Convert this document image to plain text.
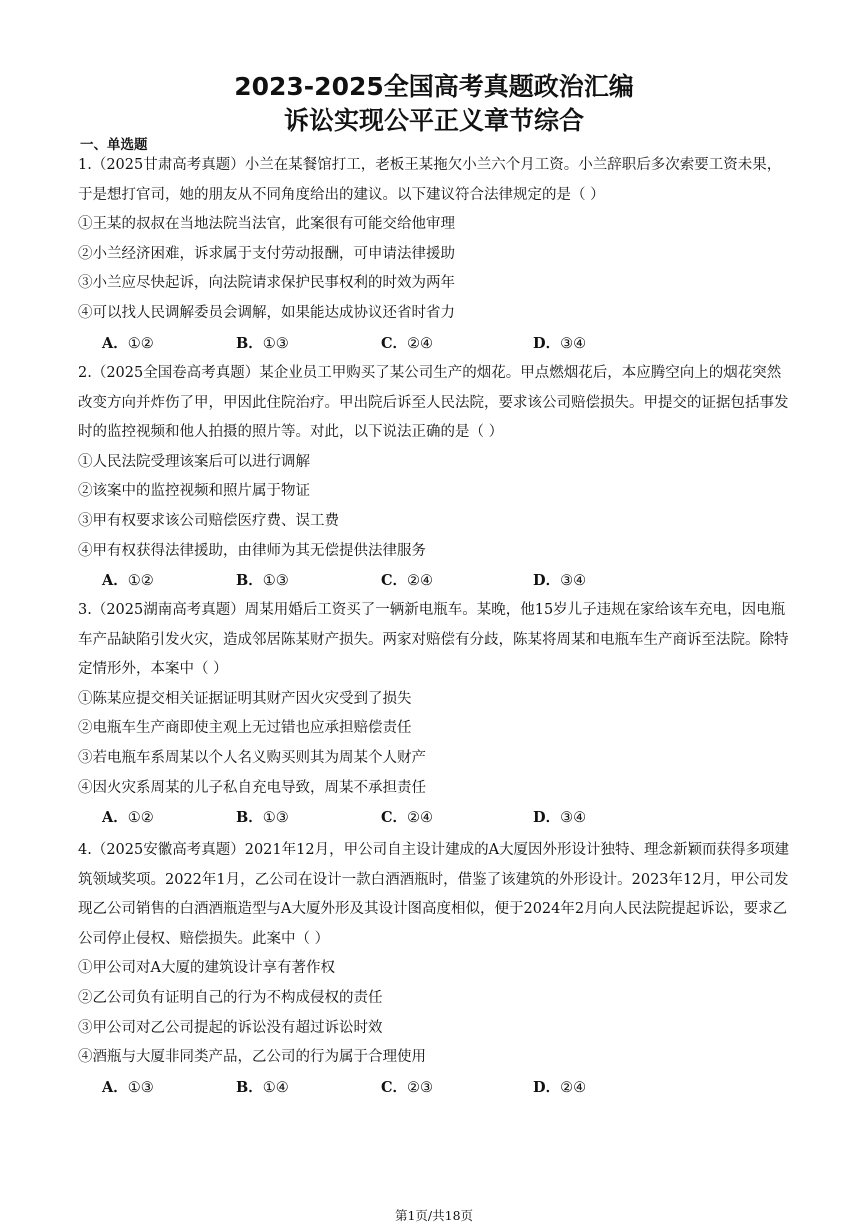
2023-2025全国高考真题政治汇编
诉讼实现公平正义章节综合
一、单选题

1.（2025甘肃高考真题）小兰在某餐馆打工，老板王某拖欠小兰六个月工资。小兰辞职后多次索要工资未果，于是想打官司，她的朋友从不同角度给出的建议。以下建议符合法律规定的是（ ）

①王某的叔叔在当地法院当法官，此案很有可能交给他审理

②小兰经济困难，诉求属于支付劳动报酬，可申请法律援助

③小兰应尽快起诉，向法院请求保护民事权利的时效为两年

④可以找人民调解委员会调解，如果能达成协议还省时省力

A．①②	B．①③	C．②④	D．③④

2.（2025全国卷高考真题）某企业员工甲购买了某公司生产的烟花。甲点燃烟花后，本应腾空向上的烟花突然改变方向并炸伤了甲，甲因此住院治疗。甲出院后诉至人民法院，要求该公司赔偿损失。甲提交的证据包括事发时的监控视频和他人拍摄的照片等。对此，以下说法正确的是（ ）

①人民法院受理该案后可以进行调解

②该案中的监控视频和照片属于物证

③甲有权要求该公司赔偿医疗费、误工费

④甲有权获得法律援助，由律师为其无偿提供法律服务

A．①②	B．①③	C．②④	D．③④

3.（2025湖南高考真题）周某用婚后工资买了一辆新电瓶车。某晚，他15岁儿子违规在家给该车充电，因电瓶车产品缺陷引发火灾，造成邻居陈某财产损失。两家对赔偿有分歧，陈某将周某和电瓶车生产商诉至法院。除特定情形外，本案中（ ）

①陈某应提交相关证据证明其财产因火灾受到了损失

②电瓶车生产商即使主观上无过错也应承担赔偿责任

③若电瓶车系周某以个人名义购买则其为周某个人财产

④因火灾系周某的儿子私自充电导致，周某不承担责任

A．①②	B．①③	C．②④	D．③④

4.（2025安徽高考真题）2021年12月，甲公司自主设计建成的A大厦因外形设计独特、理念新颖而获得多项建筑领域奖项。2022年1月，乙公司在设计一款白酒酒瓶时，借鉴了该建筑的外形设计。2023年12月，甲公司发现乙公司销售的白酒酒瓶造型与A大厦外形及其设计图高度相似，便于2024年2月向人民法院提起诉讼，要求乙公司停止侵权、赔偿损失。此案中（ ）

①甲公司对A大厦的建筑设计享有著作权

②乙公司负有证明自己的行为不构成侵权的责任

③甲公司对乙公司提起的诉讼没有超过诉讼时效

④酒瓶与大厦非同类产品，乙公司的行为属于合理使用

A．①③	B．①④	C．②③	D．②④
第1页/共18页
